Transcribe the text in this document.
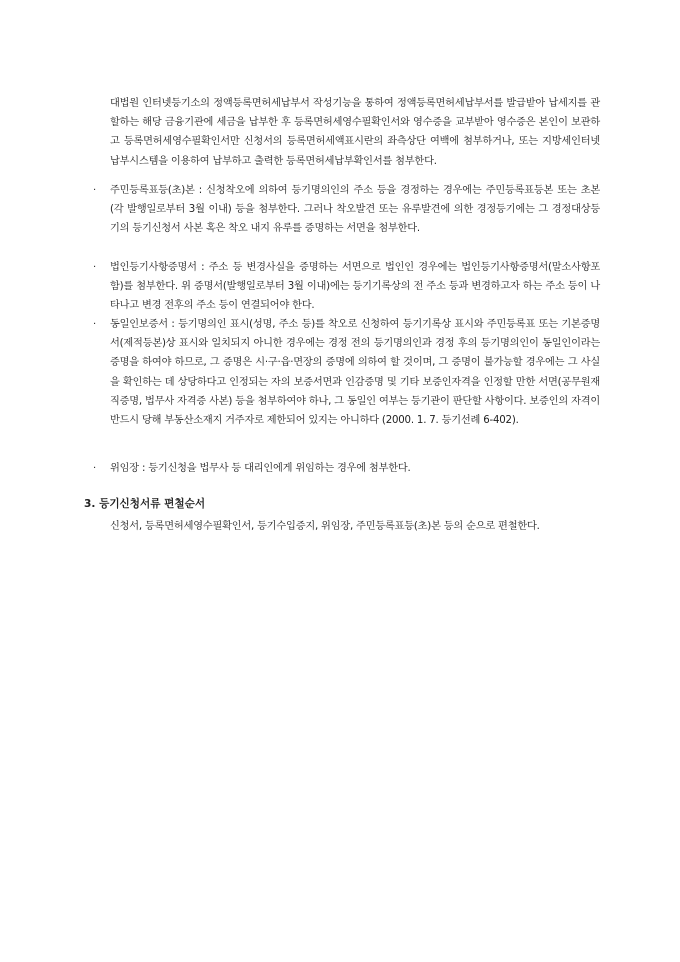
대법원 인터넷등기소의 정액등록면허세납부서 작성기능을 통하여 정액등록면허세납부서를 발급받아 납세지를 관할하는 해당 금융기관에 세금을 납부한 후 등록면허세영수필확인서와 영수증을 교부받아 영수증은 본인이 보관하고 등록면허세영수필확인서만 신청서의 등록면허세액표시란의 좌측상단 여백에 첨부하거나, 또는 지방세인터넷납부시스템을 이용하여 납부하고 출력한 등록면허세납부확인서를 첨부한다.

· 주민등록표등(초)본 : 신청착오에 의하여 등기명의인의 주소 등을 경정하는 경우에는 주민등록표등본 또는 초본(각 발행일로부터 3월 이내) 등을 첨부한다. 그러나 착오발견 또는 유루발견에 의한 경정등기에는 그 경정대상등기의 등기신청서 사본 혹은 착오 내지 유루를 증명하는 서면을 첨부한다.
· 법인등기사항증명서 : 주소 등 변경사실을 증명하는 서면으로 법인인 경우에는 법인등기사항증명서(말소사항포함)를 첨부한다. 위 증명서(발행일로부터 3월 이내)에는 등기기록상의 전 주소 등과 변경하고자 하는 주소 등이 나타나고 변경 전후의 주소 등이 연결되어야 한다.
· 동일인보증서 : 등기명의인 표시(성명, 주소 등)를 착오로 신청하여 등기기록상 표시와 주민등록표 또는 기본증명서(제적등본)상 표시와 일치되지 아니한 경우에는 경정 전의 등기명의인과 경정 후의 등기명의인이 동일인이라는 증명을 하여야 하므로, 그 증명은 시·구·읍·면장의 증명에 의하여 할 것이며, 그 증명이 불가능할 경우에는 그 사실을 확인하는 데 상당하다고 인정되는 자의 보증서면과 인감증명 및 기타 보증인자격을 인정할 만한 서면(공무원재직증명, 법무사 자격증 사본) 등을 첨부하여야 하나, 그 동일인 여부는 등기관이 판단할 사항이다. 보증인의 자격이 반드시 당해 부동산소재지 거주자로 제한되어 있지는 아니하다 (2000. 1. 7. 등기선례 6-402).
· 위임장 : 등기신청을 법무사 등 대리인에게 위임하는 경우에 첨부한다.
3. 등기신청서류 편철순서

신청서, 등록면허세영수필확인서, 등기수입증지, 위임장, 주민등록표등(초)본 등의 순으로 편철한다.
